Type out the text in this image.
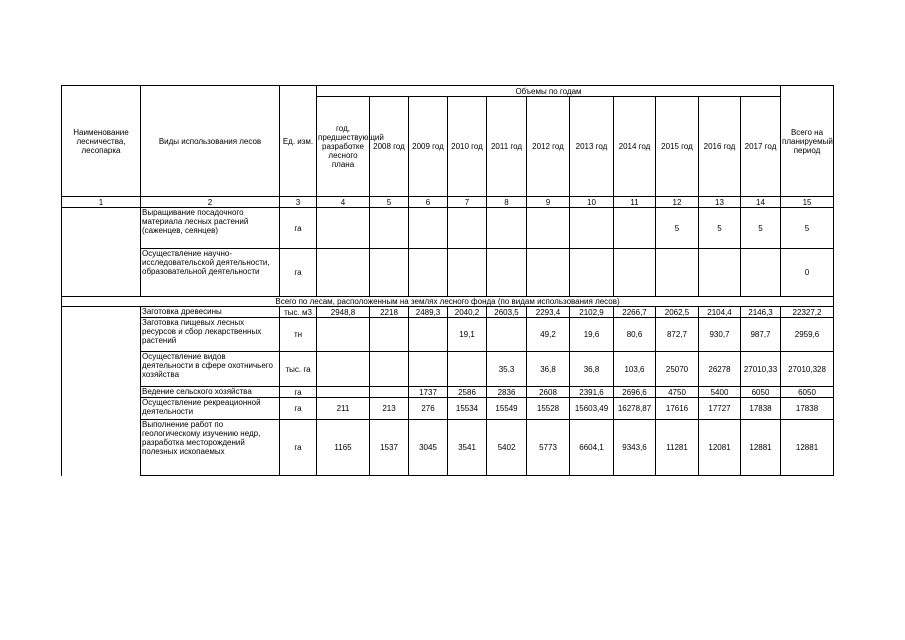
Наименование лесничества, лесопарка	Виды использования лесов	Ед. изм.	Объемы по годам											Всего на планируемый период
			год, предшествующий разработке лесного плана	2008 год	2009 год	2010 год	2011 год	2012 год	2013 год	2014 год	2015 год	2016 год	2017 год	
1	2	3	4	5	6	7	8	9	10	11	12	13	14	15
	Выращивание посадочного материала лесных растений (саженцев, сеянцев)	га									5	5	5	5
	Осуществление научно-исследовательской деятельности, образовательной деятельности	га												0
Всего по лесам, расположенным на землях лесного фонда (по видам использования лесов)														
	Заготовка древесины	тыс. м3	2948,8	2218	2489,3	2040,2	2603,5	2293,4	2102,9	2266,7	2062,5	2104,4	2146,3	22327,2
	Заготовка пищевых лесных ресурсов и сбор лекарственных растений	тн				19,1		49,2	19,6	80,6	872,7	930,7	987,7	2959,6
	Осуществление видов деятельности в сфере охотничьего хозяйства	тыс. га					35.3	36,8	36,8	103,6	25070	26278	27010,33	27010,328
	Ведение сельского хозяйства	га			1737	2586	2836	2608	2391,6	2696,6	4750	5400	6050	6050
	Осуществление рекреационной деятельности	га	211	213	276	15534	15549	15528	15603,49	16278,87	17616	17727	17838	17838
	Выполнение работ по геологическому изучению недр, разработка месторождений полезных ископаемых	га	1165	1537	3045	3541	5402	5773	6604,1	9343,6	11281	12081	12881	12881
